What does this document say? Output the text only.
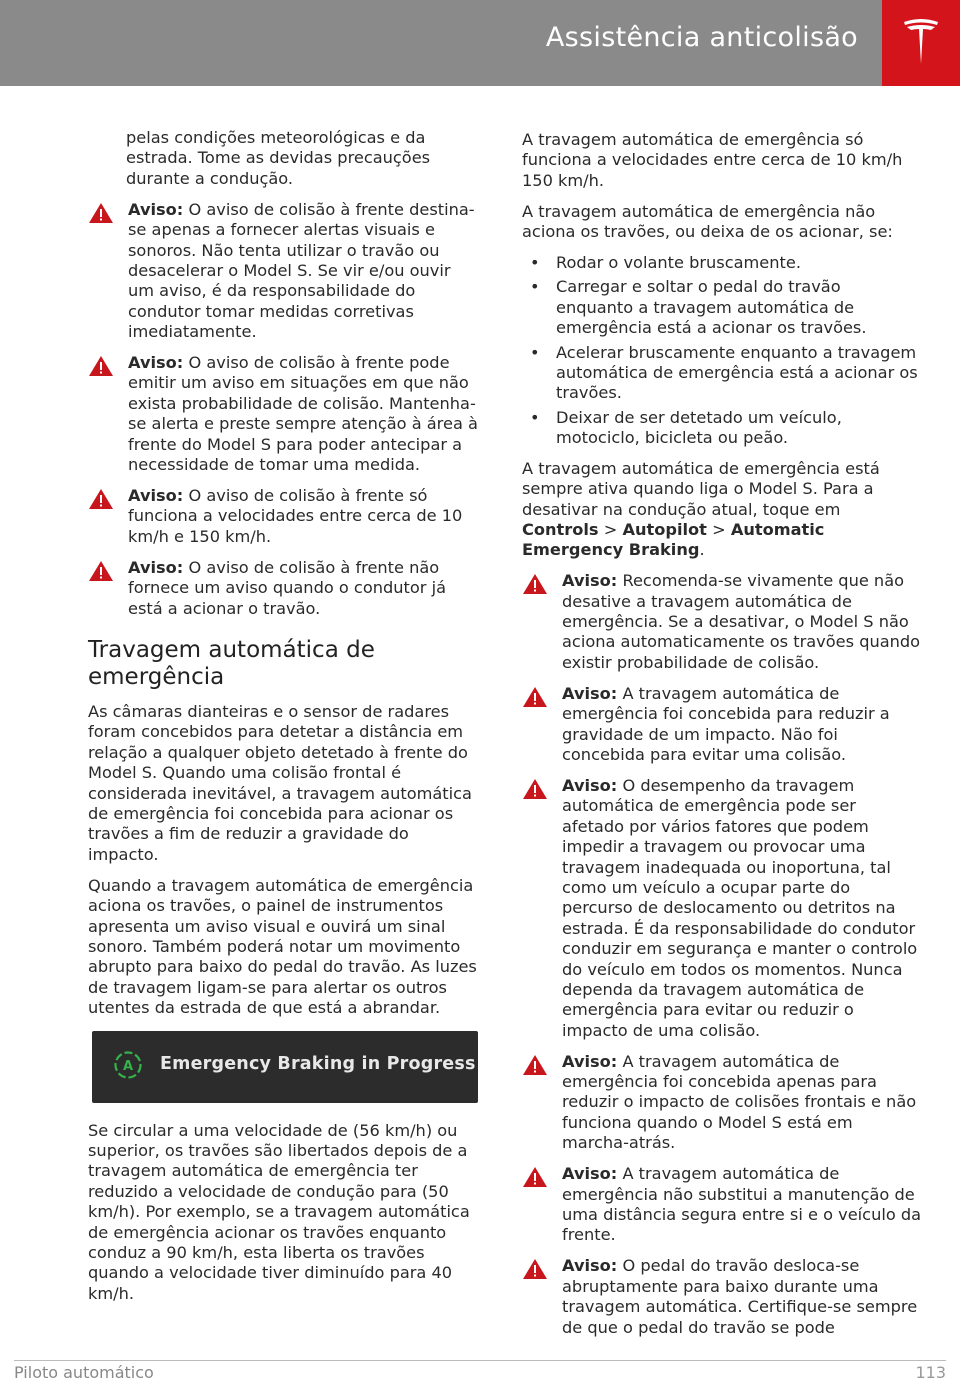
Assistência anticolisão

pelas condições meteorológicas e da estrada. Tome as devidas precauções durante a condução.

Aviso: O aviso de colisão à frente destina-se apenas a fornecer alertas visuais e sonoros. Não tenta utilizar o travão ou desacelerar o Model S. Se vir e/ou ouvir um aviso, é da responsabilidade do condutor tomar medidas corretivas imediatamente.
Aviso: O aviso de colisão à frente pode emitir um aviso em situações em que não exista probabilidade de colisão. Mantenha-se alerta e preste sempre atenção à área à frente do Model S para poder antecipar a necessidade de tomar uma medida.
Aviso: O aviso de colisão à frente só funciona a velocidades entre cerca de 10 km/h e 150 km/h.
Aviso: O aviso de colisão à frente não fornece um aviso quando o condutor já está a acionar o travão.
Travagem automática de emergência

As câmaras dianteiras e o sensor de radares foram concebidos para detetar a distância em relação a qualquer objeto detetado à frente do Model S. Quando uma colisão frontal é considerada inevitável, a travagem automática de emergência foi concebida para acionar os travões a fim de reduzir a gravidade do impacto.

Quando a travagem automática de emergência aciona os travões, o painel de instrumentos apresenta um aviso visual e ouvirá um sinal sonoro. Também poderá notar um movimento abrupto para baixo do pedal do travão. As luzes de travagem ligam-se para alertar os outros utentes da estrada de que está a abrandar.

A Emergency Braking in Progress

Se circular a uma velocidade de (56 km/h) ou superior, os travões são libertados depois de a travagem automática de emergência ter reduzido a velocidade de condução para (50 km/h). Por exemplo, se a travagem automática de emergência acionar os travões enquanto conduz a 90 km/h, esta liberta os travões quando a velocidade tiver diminuído para 40 km/h.

A travagem automática de emergência só funciona a velocidades entre cerca de 10 km/h 150 km/h.

A travagem automática de emergência não aciona os travões, ou deixa de os acionar, se:

• Rodar o volante bruscamente.
• Carregar e soltar o pedal do travão enquanto a travagem automática de emergência está a acionar os travões.
• Acelerar bruscamente enquanto a travagem automática de emergência está a acionar os travões.
• Deixar de ser detetado um veículo, motociclo, bicicleta ou peão.

A travagem automática de emergência está sempre ativa quando liga o Model S. Para a desativar na condução atual, toque em Controls > Autopilot > Automatic Emergency Braking.

Aviso: Recomenda-se vivamente que não desative a travagem automática de emergência. Se a desativar, o Model S não aciona automaticamente os travões quando existir probabilidade de colisão.
Aviso: A travagem automática de emergência foi concebida para reduzir a gravidade de um impacto. Não foi concebida para evitar uma colisão.
Aviso: O desempenho da travagem automática de emergência pode ser afetado por vários fatores que podem impedir a travagem ou provocar uma travagem inadequada ou inoportuna, tal como um veículo a ocupar parte do percurso de deslocamento ou detritos na estrada. É da responsabilidade do condutor conduzir em segurança e manter o controlo do veículo em todos os momentos. Nunca dependa da travagem automática de emergência para evitar ou reduzir o impacto de uma colisão.
Aviso: A travagem automática de emergência foi concebida apenas para reduzir o impacto de colisões frontais e não funciona quando o Model S está em marcha-atrás.
Aviso: A travagem automática de emergência não substitui a manutenção de uma distância segura entre si e o veículo da frente.
Aviso: O pedal do travão desloca-se abruptamente para baixo durante uma travagem automática. Certifique-se sempre de que o pedal do travão se pode
Piloto automático	113
